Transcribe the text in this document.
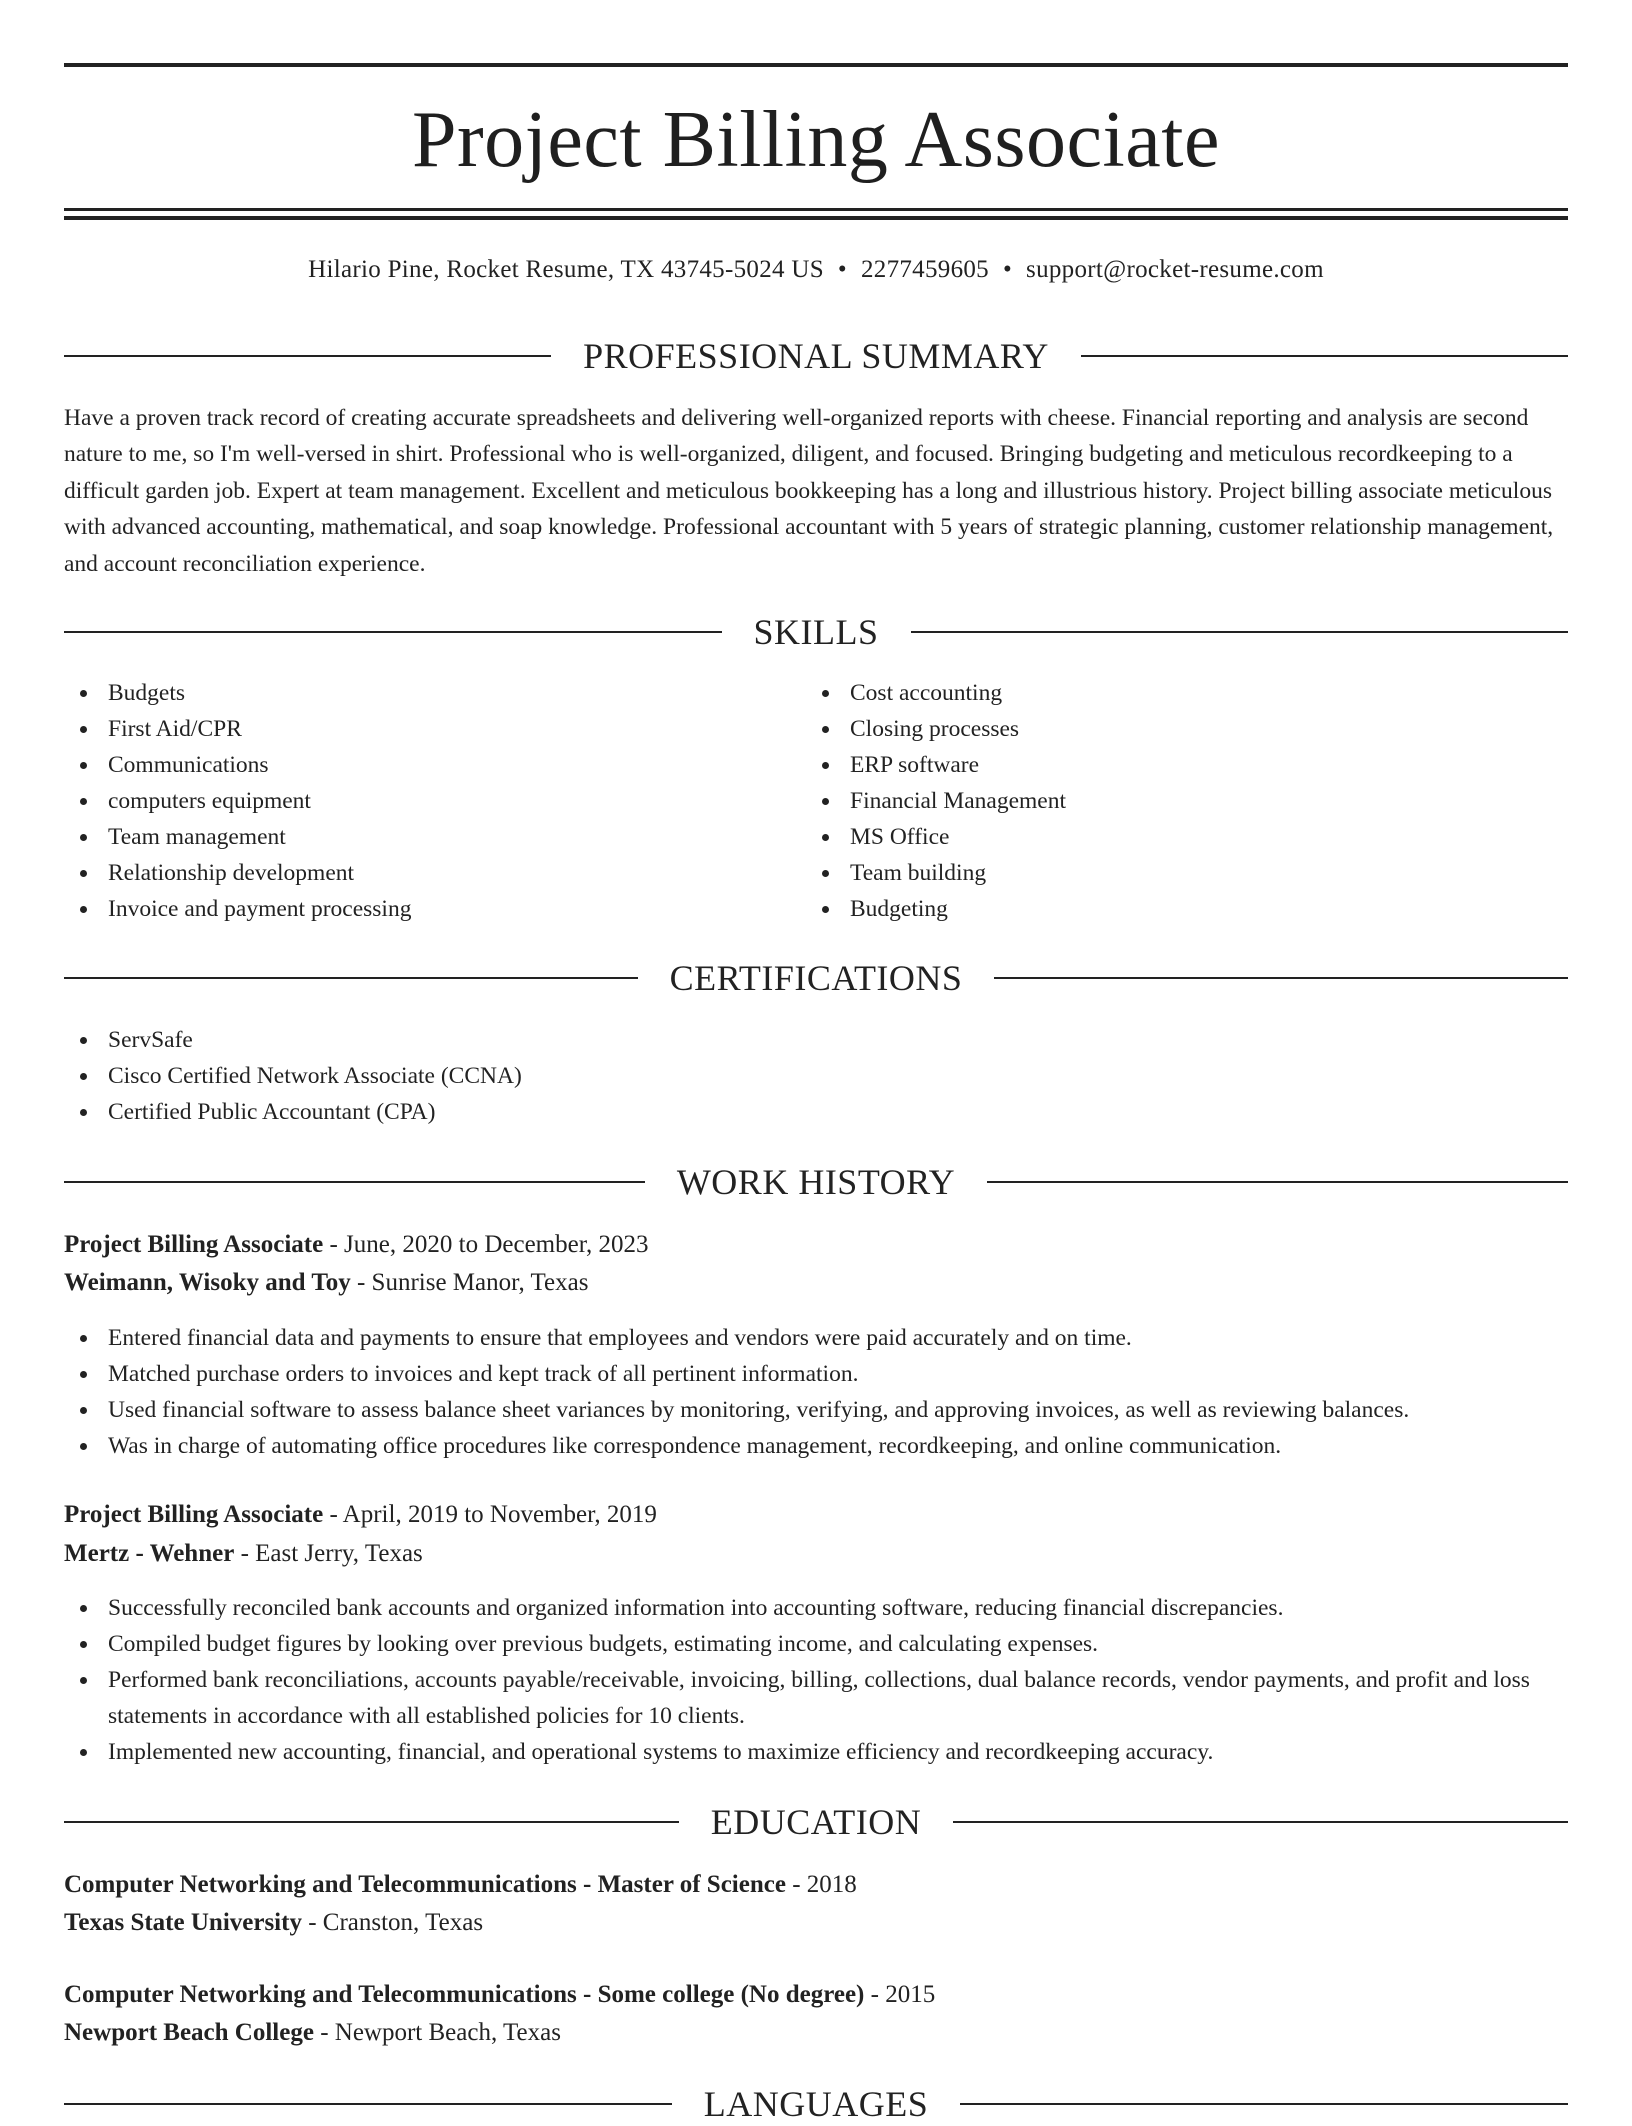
Project Billing Associate
Hilario Pine, Rocket Resume, TX 43745-5024 US • 2277459605 • support@rocket-resume.com
PROFESSIONAL SUMMARY

Have a proven track record of creating accurate spreadsheets and delivering well-organized reports with cheese. Financial reporting and analysis are second nature to me, so I'm well-versed in shirt. Professional who is well-organized, diligent, and focused. Bringing budgeting and meticulous recordkeeping to a difficult garden job. Expert at team management. Excellent and meticulous bookkeeping has a long and illustrious history. Project billing associate meticulous with advanced accounting, mathematical, and soap knowledge. Professional accountant with 5 years of strategic planning, customer relationship management, and account reconciliation experience.

SKILLS
Budgets
First Aid/CPR
Communications
computers equipment
Team management
Relationship development
Invoice and payment processing
Cost accounting
Closing processes
ERP software
Financial Management
MS Office
Team building
Budgeting
CERTIFICATIONS
ServSafe
Cisco Certified Network Associate (CCNA)
Certified Public Accountant (CPA)
WORK HISTORY
Project Billing Associate - June, 2020 to December, 2023
Weimann, Wisoky and Toy - Sunrise Manor, Texas
Entered financial data and payments to ensure that employees and vendors were paid accurately and on time.
Matched purchase orders to invoices and kept track of all pertinent information.
Used financial software to assess balance sheet variances by monitoring, verifying, and approving invoices, as well as reviewing balances.
Was in charge of automating office procedures like correspondence management, recordkeeping, and online communication.
Project Billing Associate - April, 2019 to November, 2019
Mertz - Wehner - East Jerry, Texas
Successfully reconciled bank accounts and organized information into accounting software, reducing financial discrepancies.
Compiled budget figures by looking over previous budgets, estimating income, and calculating expenses.
Performed bank reconciliations, accounts payable/receivable, invoicing, billing, collections, dual balance records, vendor payments, and profit and loss statements in accordance with all established policies for 10 clients.
Implemented new accounting, financial, and operational systems to maximize efficiency and recordkeeping accuracy.
EDUCATION
Computer Networking and Telecommunications - Master of Science - 2018
Texas State University - Cranston, Texas
Computer Networking and Telecommunications - Some college (No degree) - 2015
Newport Beach College - Newport Beach, Texas
LANGUAGES
